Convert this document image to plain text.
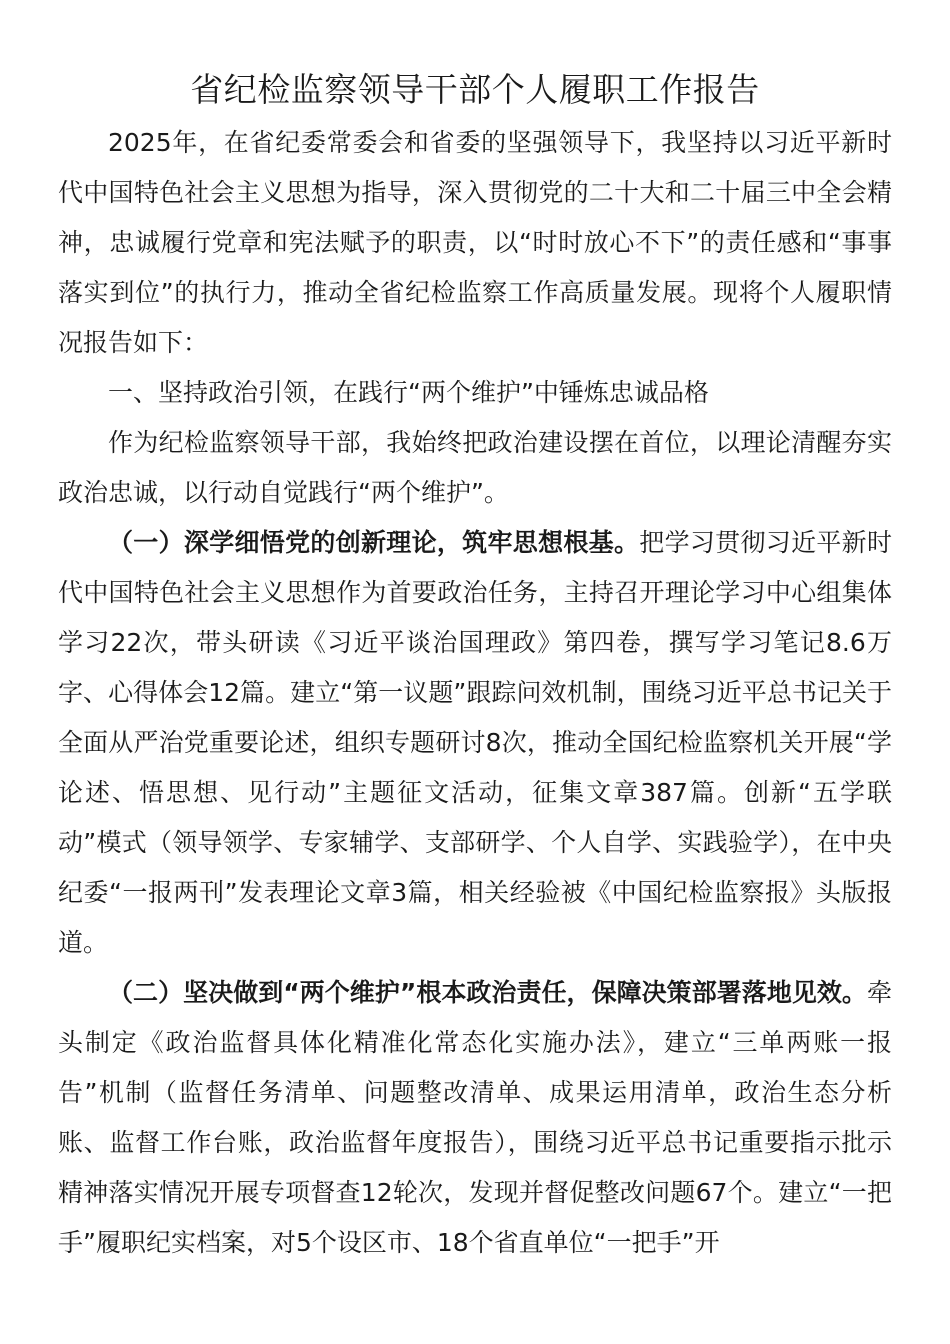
省纪检监察领导干部个人履职工作报告

2025年，在省纪委常委会和省委的坚强领导下，我坚持以习近平新时代中国特色社会主义思想为指导，深入贯彻党的二十大和二十届三中全会精神，忠诚履行党章和宪法赋予的职责，以“时时放心不下”的责任感和“事事落实到位”的执行力，推动全省纪检监察工作高质量发展。现将个人履职情况报告如下：

一、坚持政治引领，在践行“两个维护”中锤炼忠诚品格

作为纪检监察领导干部，我始终把政治建设摆在首位，以理论清醒夯实政治忠诚，以行动自觉践行“两个维护”。

（一）深学细悟党的创新理论，筑牢思想根基。把学习贯彻习近平新时代中国特色社会主义思想作为首要政治任务，主持召开理论学习中心组集体学习22次，带头研读《习近平谈治国理政》第四卷，撰写学习笔记8.6万字、心得体会12篇。建立“第一议题”跟踪问效机制，围绕习近平总书记关于全面从严治党重要论述，组织专题研讨8次，推动全国纪检监察机关开展“学论述、悟思想、见行动”主题征文活动，征集文章387篇。创新“五学联动”模式（领导领学、专家辅学、支部研学、个人自学、实践验学），在中央纪委“一报两刊”发表理论文章3篇，相关经验被《中国纪检监察报》头版报道。

（二）坚决做到“两个维护”根本政治责任，保障决策部署落地见效。牵头制定《政治监督具体化精准化常态化实施办法》，建立“三单两账一报告”机制（监督任务清单、问题整改清单、成果运用清单，政治生态分析账、监督工作台账，政治监督年度报告），围绕习近平总书记重要指示批示精神落实情况开展专项督查12轮次，发现并督促整改问题67个。建立“一把手”履职纪实档案，对5个设区市、18个省直单位“一把手”开
